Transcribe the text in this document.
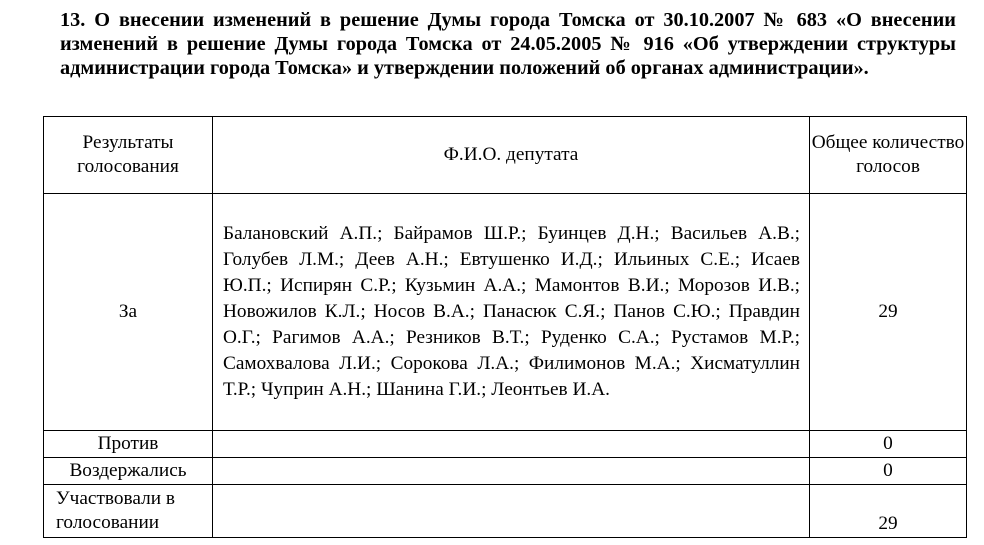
13. О внесении изменений в решение Думы города Томска от 30.10.2007 № 683 «О внесении изменений в решение Думы города Томска от 24.05.2005 № 916 «Об утверждении структуры администрации города Томска» и утверждении положений об органах администрации».
Результаты голосования	Ф.И.О. депутата	Общее количество голосов
За	Балановский А.П.; Байрамов Ш.Р.; Буинцев Д.Н.; Васильев А.В.; Голубев Л.М.; Деев А.Н.; Евтушенко И.Д.; Ильиных С.Е.; Исаев Ю.П.; Испирян С.Р.; Кузьмин А.А.; Мамонтов В.И.; Морозов И.В.; Новожилов К.Л.; Носов В.А.; Панасюк С.Я.; Панов С.Ю.; Правдин О.Г.; Рагимов А.А.; Резников В.Т.; Руденко С.А.; Рустамов М.Р.; Самохвалова Л.И.; Сорокова Л.А.; Филимонов М.А.; Хисматуллин Т.Р.; Чуприн А.Н.; Шанина Г.И.; Леонтьев И.А.	29
Против		0
Воздержались		0
Участвовали в голосовании		29
